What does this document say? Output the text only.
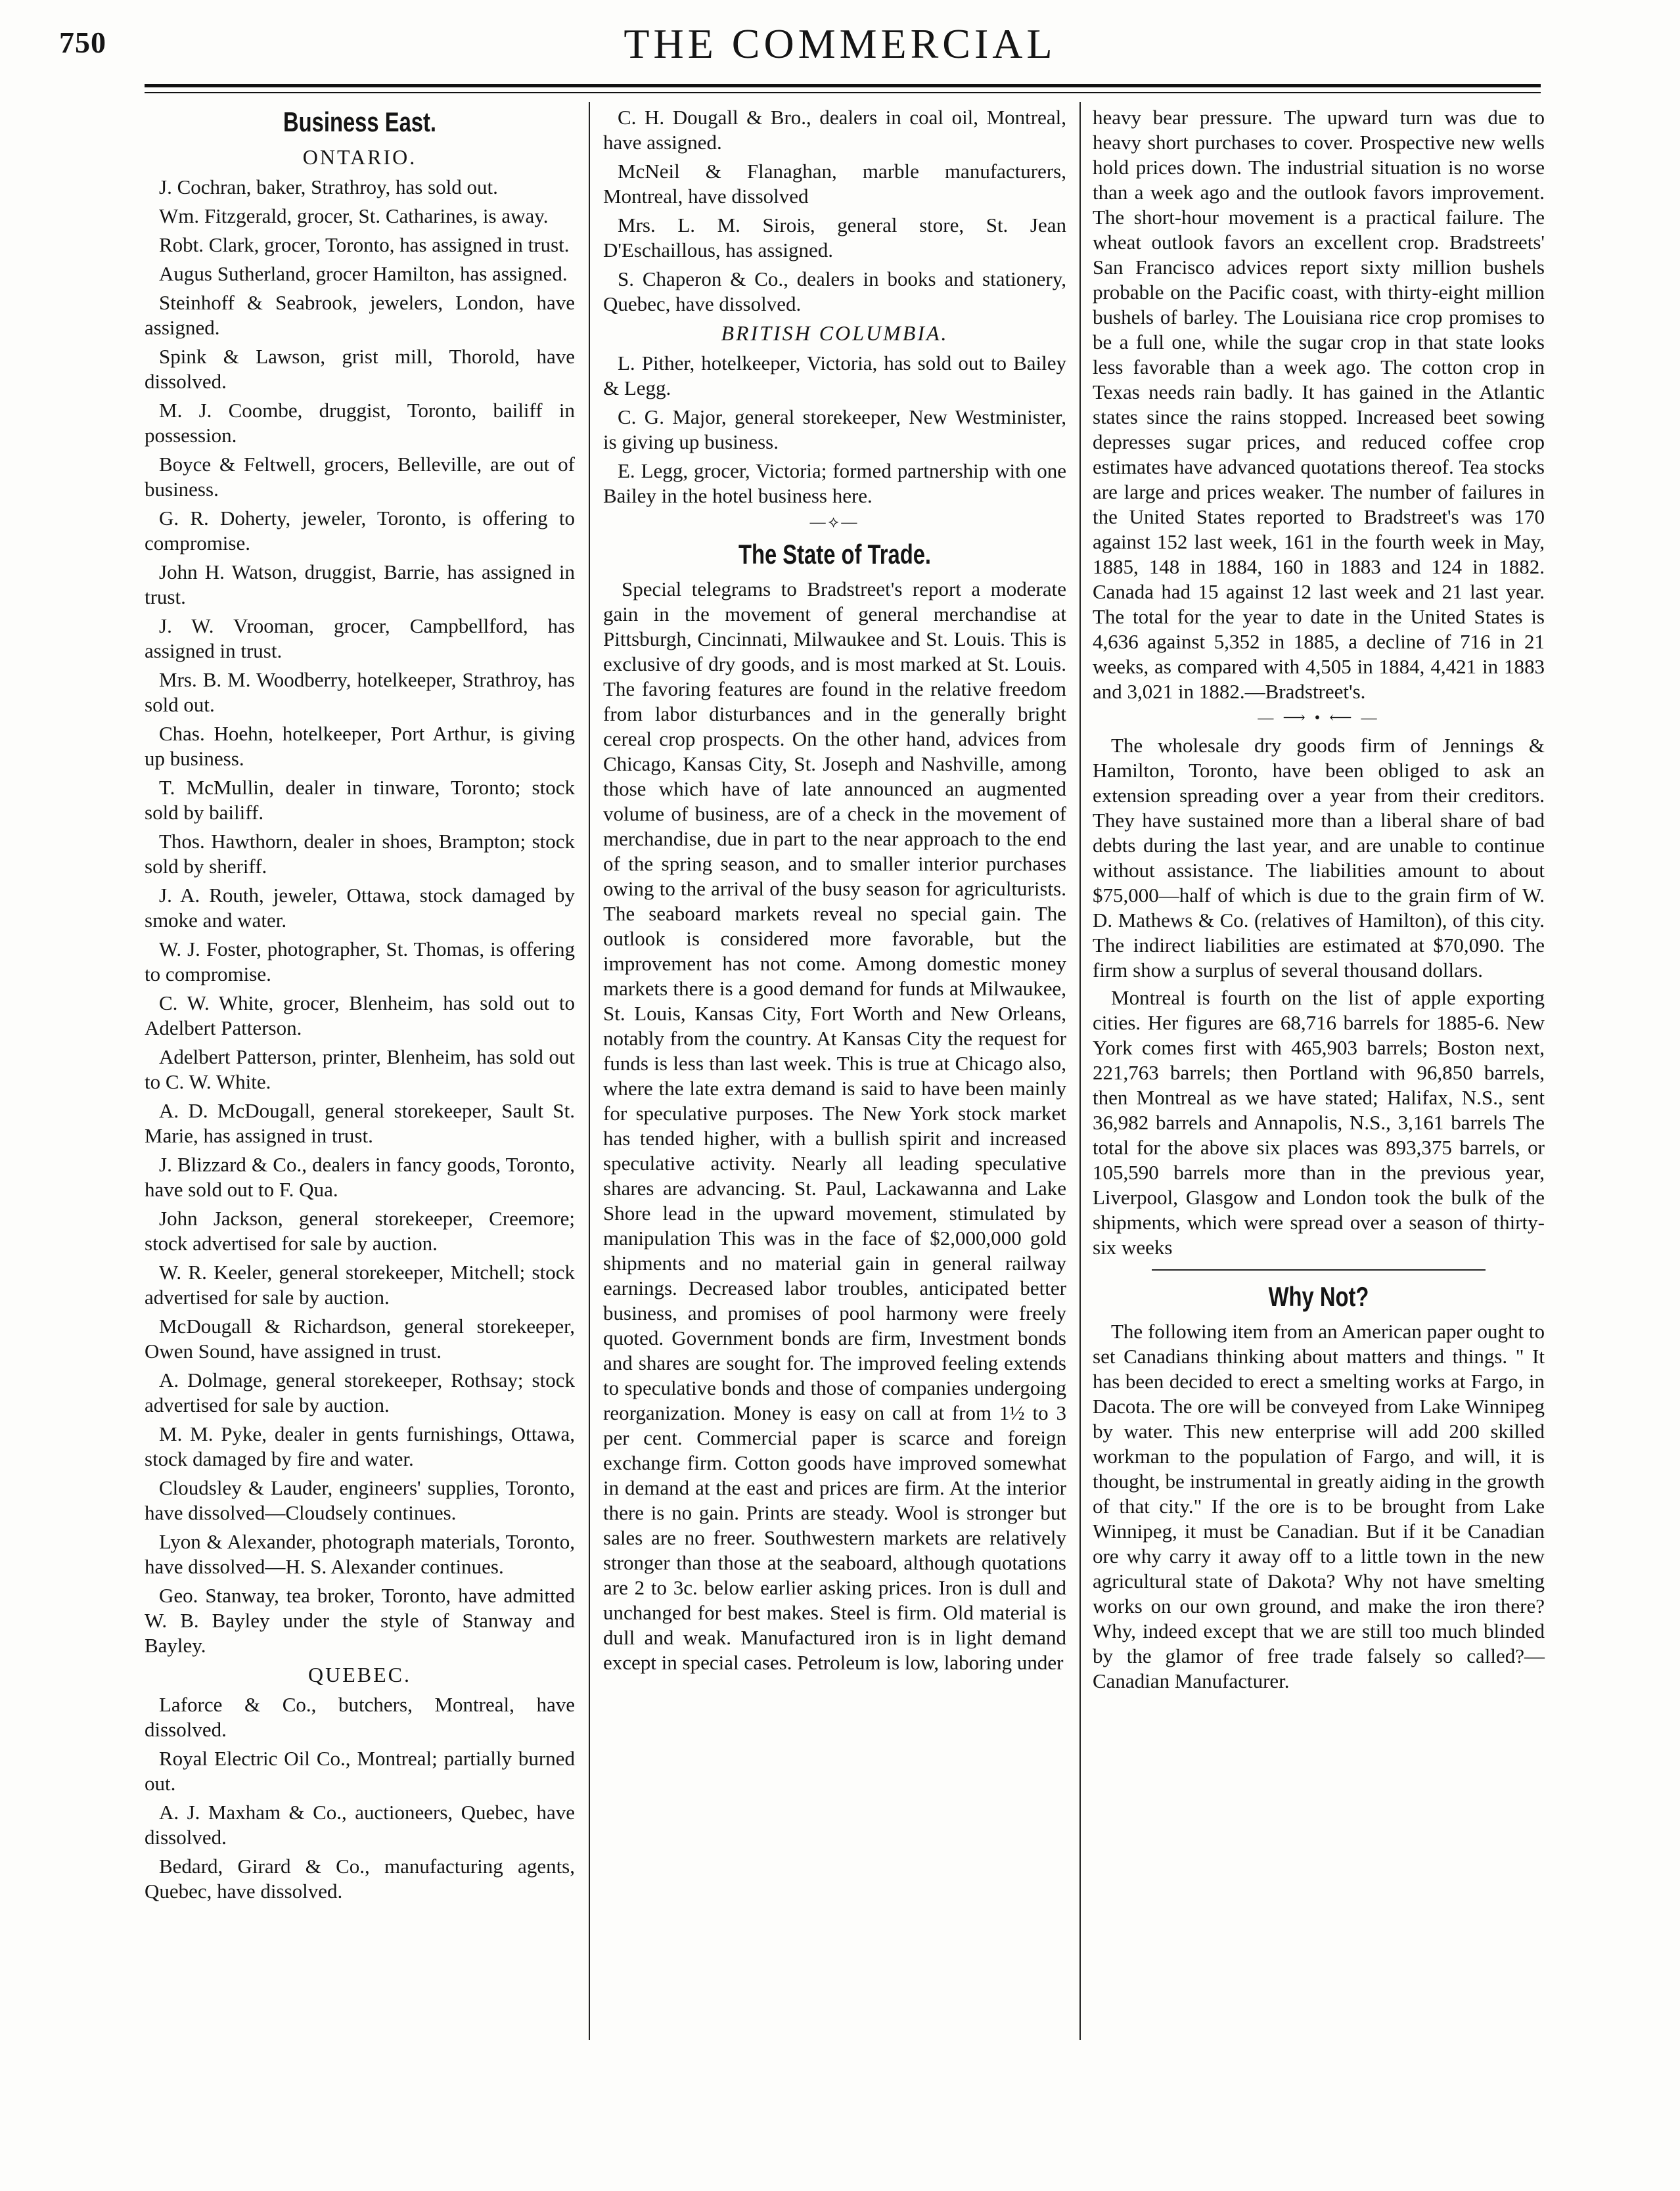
750	THE COMMERCIAL
Business East.
ONTARIO.

J. Cochran, baker, Strathroy, has sold out.

Wm. Fitzgerald, grocer, St. Catharines, is away.

Robt. Clark, grocer, Toronto, has assigned in trust.

Augus Sutherland, grocer Hamilton, has assigned.

Steinhoff & Seabrook, jewelers, London, have assigned.

Spink & Lawson, grist mill, Thorold, have dissolved.

M. J. Coombe, druggist, Toronto, bailiff in possession.

Boyce & Feltwell, grocers, Belleville, are out of business.

G. R. Doherty, jeweler, Toronto, is offering to compromise.

John H. Watson, druggist, Barrie, has assigned in trust.

J. W. Vrooman, grocer, Campbellford, has assigned in trust.

Mrs. B. M. Woodberry, hotelkeeper, Strathroy, has sold out.

Chas. Hoehn, hotelkeeper, Port Arthur, is giving up business.

T. McMullin, dealer in tinware, Toronto; stock sold by bailiff.

Thos. Hawthorn, dealer in shoes, Brampton; stock sold by sheriff.

J. A. Routh, jeweler, Ottawa, stock damaged by smoke and water.

W. J. Foster, photographer, St. Thomas, is offering to compromise.

C. W. White, grocer, Blenheim, has sold out to Adelbert Patterson.

Adelbert Patterson, printer, Blenheim, has sold out to C. W. White.

A. D. McDougall, general storekeeper, Sault St. Marie, has assigned in trust.

J. Blizzard & Co., dealers in fancy goods, Toronto, have sold out to F. Qua.

John Jackson, general storekeeper, Creemore; stock advertised for sale by auction.

W. R. Keeler, general storekeeper, Mitchell; stock advertised for sale by auction.

McDougall & Richardson, general storekeeper, Owen Sound, have assigned in trust.

A. Dolmage, general storekeeper, Rothsay; stock advertised for sale by auction.

M. M. Pyke, dealer in gents furnishings, Ottawa, stock damaged by fire and water.

Cloudsley & Lauder, engineers' supplies, Toronto, have dissolved—Cloudsely continues.

Lyon & Alexander, photograph materials, Toronto, have dissolved—H. S. Alexander continues.

Geo. Stanway, tea broker, Toronto, have admitted W. B. Bayley under the style of Stanway and Bayley.

QUEBEC.

Laforce & Co., butchers, Montreal, have dissolved.

Royal Electric Oil Co., Montreal; partially burned out.

A. J. Maxham & Co., auctioneers, Quebec, have dissolved.

Bedard, Girard & Co., manufacturing agents, Quebec, have dissolved.

C. H. Dougall & Bro., dealers in coal oil, Montreal, have assigned.

McNeil & Flanaghan, marble manufacturers, Montreal, have dissolved

Mrs. L. M. Sirois, general store, St. Jean D'Eschaillous, has assigned.

S. Chaperon & Co., dealers in books and stationery, Quebec, have dissolved.

BRITISH COLUMBIA.

L. Pither, hotelkeeper, Victoria, has sold out to Bailey & Legg.

C. G. Major, general storekeeper, New Westminister, is giving up business.

E. Legg, grocer, Victoria; formed partnership with one Bailey in the hotel business here.

—⟡—
The State of Trade.

Special telegrams to Bradstreet's report a moderate gain in the movement of general merchandise at Pittsburgh, Cincinnati, Milwaukee and St. Louis. This is exclusive of dry goods, and is most marked at St. Louis. The favoring features are found in the relative freedom from labor disturbances and in the generally bright cereal crop prospects. On the other hand, advices from Chicago, Kansas City, St. Joseph and Nashville, among those which have of late announced an augmented volume of business, are of a check in the movement of merchandise, due in part to the near approach to the end of the spring season, and to smaller interior purchases owing to the arrival of the busy season for agriculturists. The seaboard markets reveal no special gain. The outlook is considered more favorable, but the improvement has not come. Among domestic money markets there is a good demand for funds at Milwaukee, St. Louis, Kansas City, Fort Worth and New Orleans, notably from the country. At Kansas City the request for funds is less than last week. This is true at Chicago also, where the late extra demand is said to have been mainly for speculative purposes. The New York stock market has tended higher, with a bullish spirit and increased speculative activity. Nearly all leading speculative shares are advancing. St. Paul, Lackawanna and Lake Shore lead in the upward movement, stimulated by manipulation This was in the face of $2,000,000 gold shipments and no material gain in general railway earnings. Decreased labor troubles, anticipated better business, and promises of pool harmony were freely quoted. Government bonds are firm, Investment bonds and shares are sought for. The improved feeling extends to speculative bonds and those of companies undergoing reorganization. Money is easy on call at from 1½ to 3 per cent. Commercial paper is scarce and foreign exchange firm. Cotton goods have improved somewhat in demand at the east and prices are firm. At the interior there is no gain. Prints are steady. Wool is stronger but sales are no freer. Southwestern markets are relatively stronger than those at the seaboard, although quotations are 2 to 3c. below earlier asking prices. Iron is dull and unchanged for best makes. Steel is firm. Old material is dull and weak. Manufactured iron is in light demand except in special cases. Petroleum is low, laboring under

heavy bear pressure. The upward turn was due to heavy short purchases to cover. Prospective new wells hold prices down. The industrial situation is no worse than a week ago and the outlook favors improvement. The short-hour movement is a practical failure. The wheat outlook favors an excellent crop. Bradstreets' San Francisco advices report sixty million bushels probable on the Pacific coast, with thirty-eight million bushels of barley. The Louisiana rice crop promises to be a full one, while the sugar crop in that state looks less favorable than a week ago. The cotton crop in Texas needs rain badly. It has gained in the Atlantic states since the rains stopped. Increased beet sowing depresses sugar prices, and reduced coffee crop estimates have advanced quotations thereof. Tea stocks are large and prices weaker. The number of failures in the United States reported to Bradstreet's was 170 against 152 last week, 161 in the fourth week in May, 1885, 148 in 1884, 160 in 1883 and 124 in 1882. Canada had 15 against 12 last week and 21 last year. The total for the year to date in the United States is 4,636 against 5,352 in 1885, a decline of 716 in 21 weeks, as compared with 4,505 in 1884, 4,421 in 1883 and 3,021 in 1882.—Bradstreet's.

— ⟶ • ⟵ —

The wholesale dry goods firm of Jennings & Hamilton, Toronto, have been obliged to ask an extension spreading over a year from their creditors. They have sustained more than a liberal share of bad debts during the last year, and are unable to continue without assistance. The liabilities amount to about $75,000—half of which is due to the grain firm of W. D. Mathews & Co. (relatives of Hamilton), of this city. The indirect liabilities are estimated at $70,090. The firm show a surplus of several thousand dollars.

Montreal is fourth on the list of apple exporting cities. Her figures are 68,716 barrels for 1885-6. New York comes first with 465,903 barrels; Boston next, 221,763 barrels; then Portland with 96,850 barrels, then Montreal as we have stated; Halifax, N.S., sent 36,982 barrels and Annapolis, N.S., 3,161 barrels The total for the above six places was 893,375 barrels, or 105,590 barrels more than in the previous year, Liverpool, Glasgow and London took the bulk of the shipments, which were spread over a season of thirty-six weeks

Why Not?

The following item from an American paper ought to set Canadians thinking about matters and things. " It has been decided to erect a smelting works at Fargo, in Dacota. The ore will be conveyed from Lake Winnipeg by water. This new enterprise will add 200 skilled workman to the population of Fargo, and will, it is thought, be instrumental in greatly aiding in the growth of that city." If the ore is to be brought from Lake Winnipeg, it must be Canadian. But if it be Canadian ore why carry it away off to a little town in the new agricultural state of Dakota? Why not have smelting works on our own ground, and make the iron there? Why, indeed except that we are still too much blinded by the glamor of free trade falsely so called?—Canadian Manufacturer.
